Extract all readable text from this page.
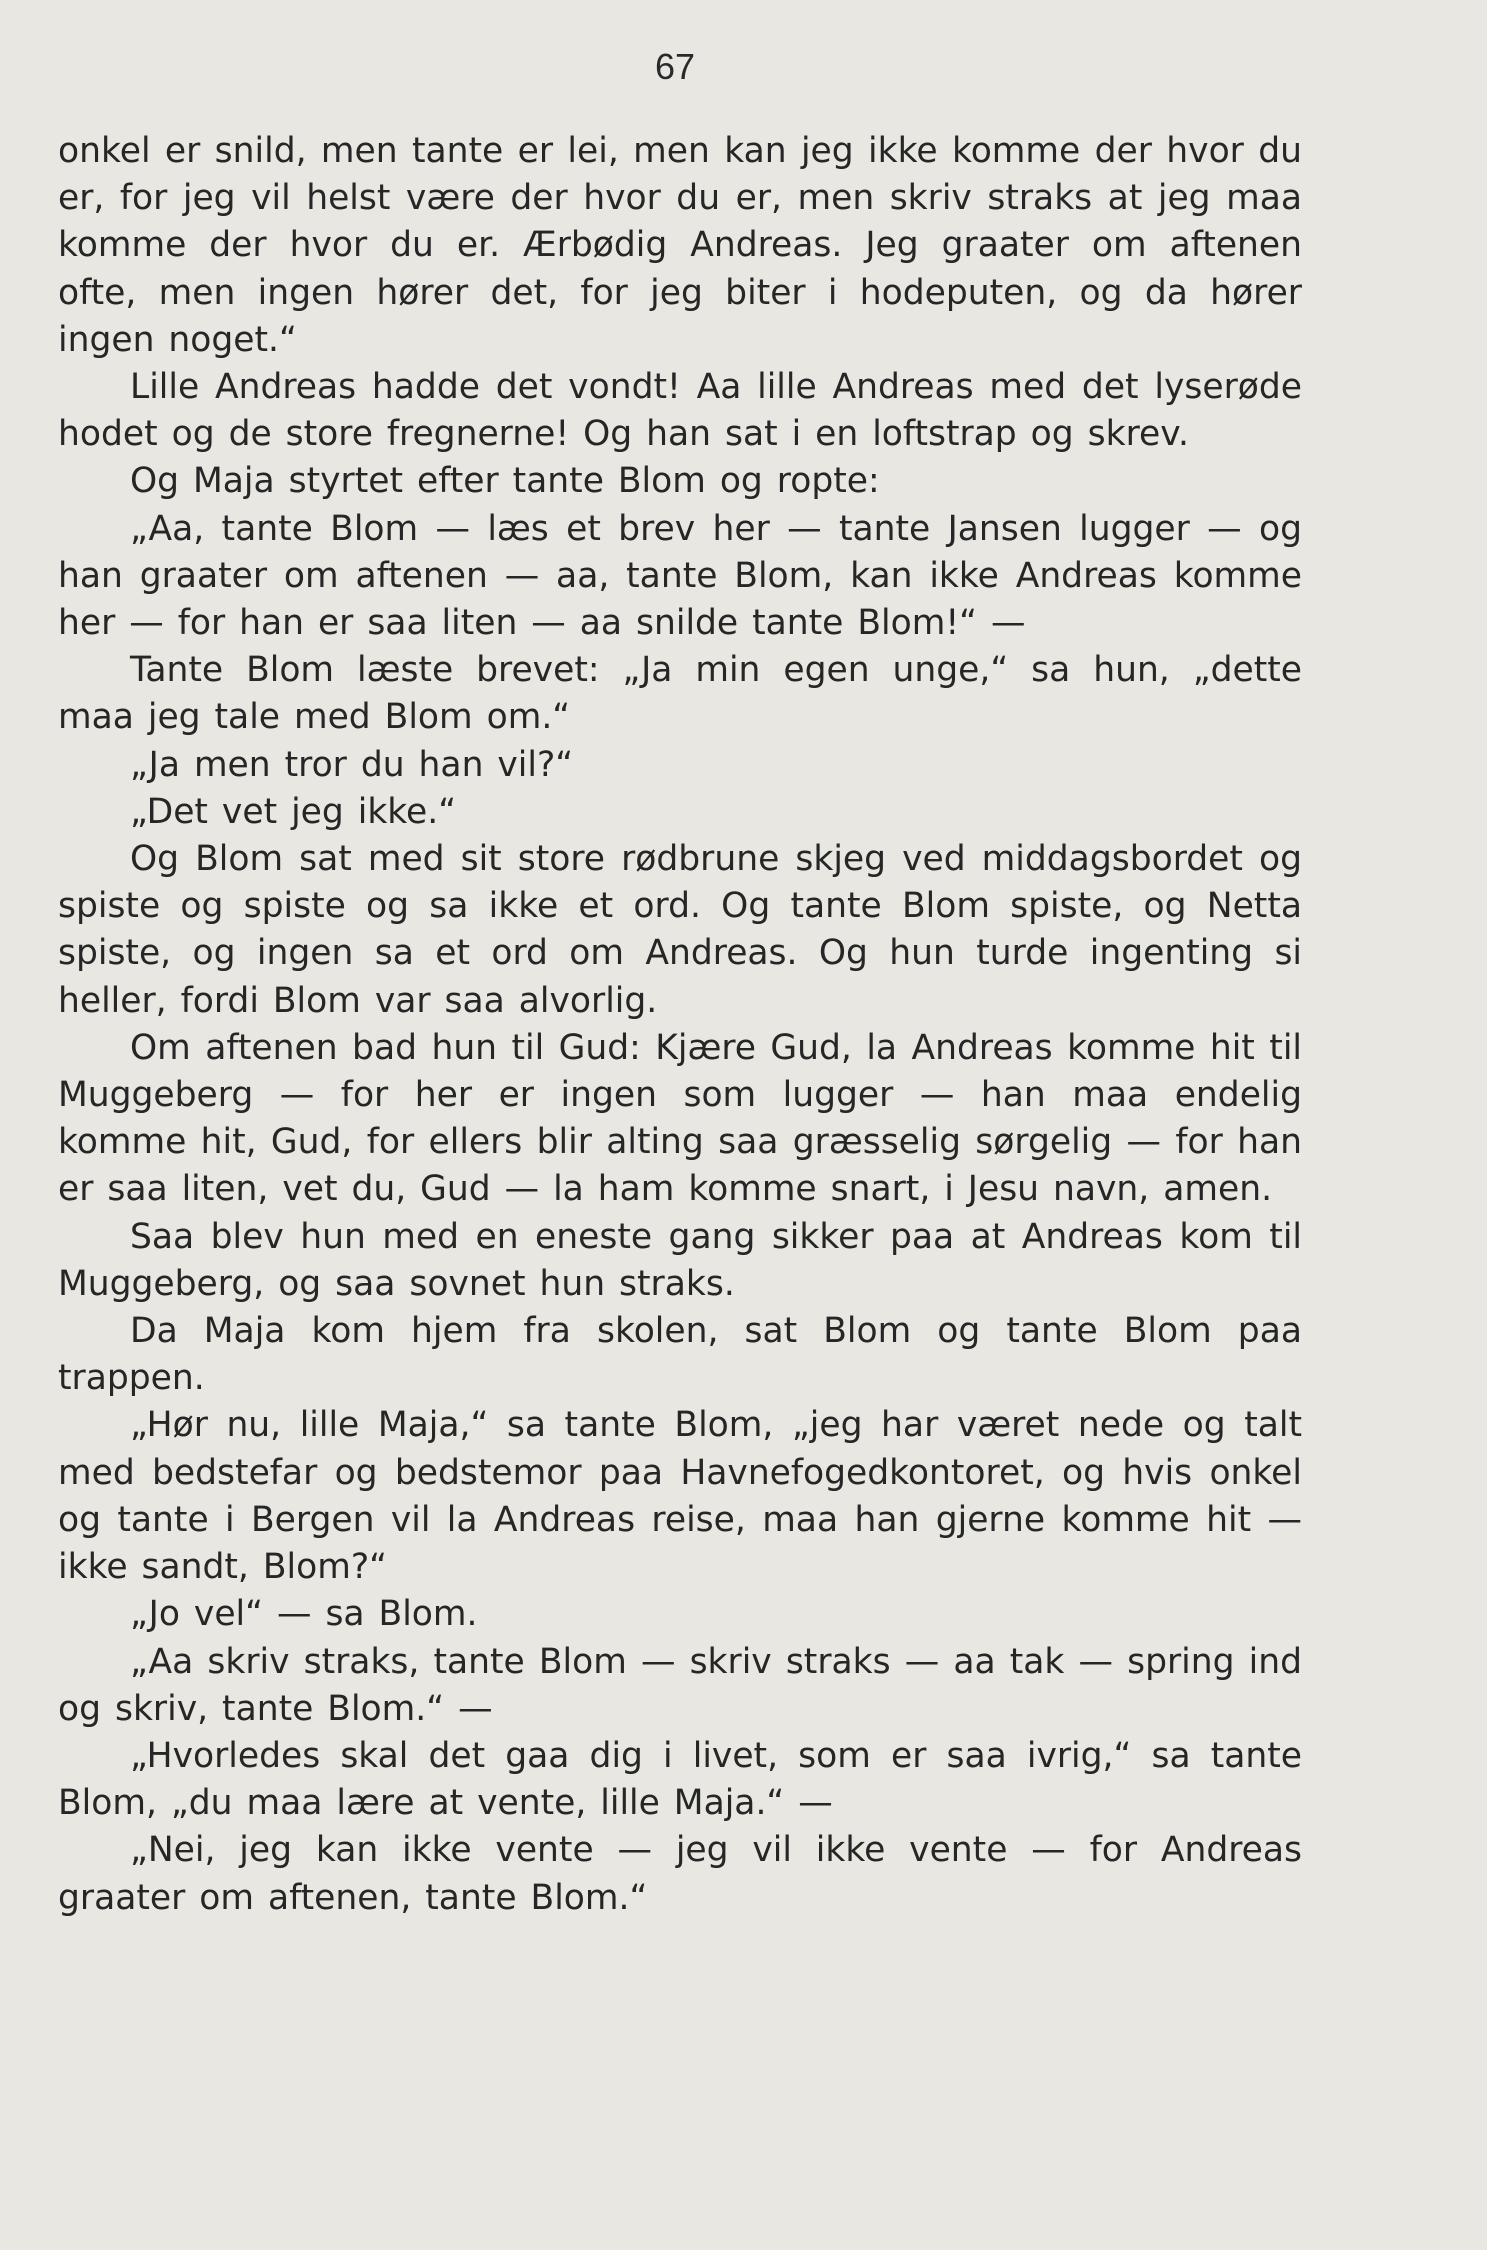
67

onkel er snild, men tante er lei, men kan jeg ikke komme der hvor du er, for jeg vil helst være der hvor du er, men skriv straks at jeg maa komme der hvor du er. Ærbødig Andreas. Jeg graater om aftenen ofte, men ingen hører det, for jeg biter i hodeputen, og da hører ingen noget.“

Lille Andreas hadde det vondt! Aa lille Andreas med det lyserøde hodet og de store fregnerne! Og han sat i en loftstrap og skrev.

Og Maja styrtet efter tante Blom og ropte:

„Aa, tante Blom — læs et brev her — tante Jansen lugger — og han graater om aftenen — aa, tante Blom, kan ikke Andreas komme her — for han er saa liten — aa snilde tante Blom!“ —

Tante Blom læste brevet: „Ja min egen unge,“ sa hun, „dette maa jeg tale med Blom om.“

„Ja men tror du han vil?“

„Det vet jeg ikke.“

Og Blom sat med sit store rødbrune skjeg ved middagsbordet og spiste og spiste og sa ikke et ord. Og tante Blom spiste, og Netta spiste, og ingen sa et ord om Andreas. Og hun turde ingenting si heller, fordi Blom var saa alvorlig.

Om aftenen bad hun til Gud: Kjære Gud, la Andreas komme hit til Muggeberg — for her er ingen som lugger — han maa endelig komme hit, Gud, for ellers blir alting saa græsselig sørgelig — for han er saa liten, vet du, Gud — la ham komme snart, i Jesu navn, amen.

Saa blev hun med en eneste gang sikker paa at Andreas kom til Muggeberg, og saa sovnet hun straks.

Da Maja kom hjem fra skolen, sat Blom og tante Blom paa trappen.

„Hør nu, lille Maja,“ sa tante Blom, „jeg har været nede og talt med bedstefar og bedstemor paa Havnefogedkontoret, og hvis onkel og tante i Bergen vil la Andreas reise, maa han gjerne komme hit — ikke sandt, Blom?“

„Jo vel“ — sa Blom.

„Aa skriv straks, tante Blom — skriv straks — aa tak — spring ind og skriv, tante Blom.“ —

„Hvorledes skal det gaa dig i livet, som er saa ivrig,“ sa tante Blom, „du maa lære at vente, lille Maja.“ —

„Nei, jeg kan ikke vente — jeg vil ikke vente — for Andreas graater om aftenen, tante Blom.“
